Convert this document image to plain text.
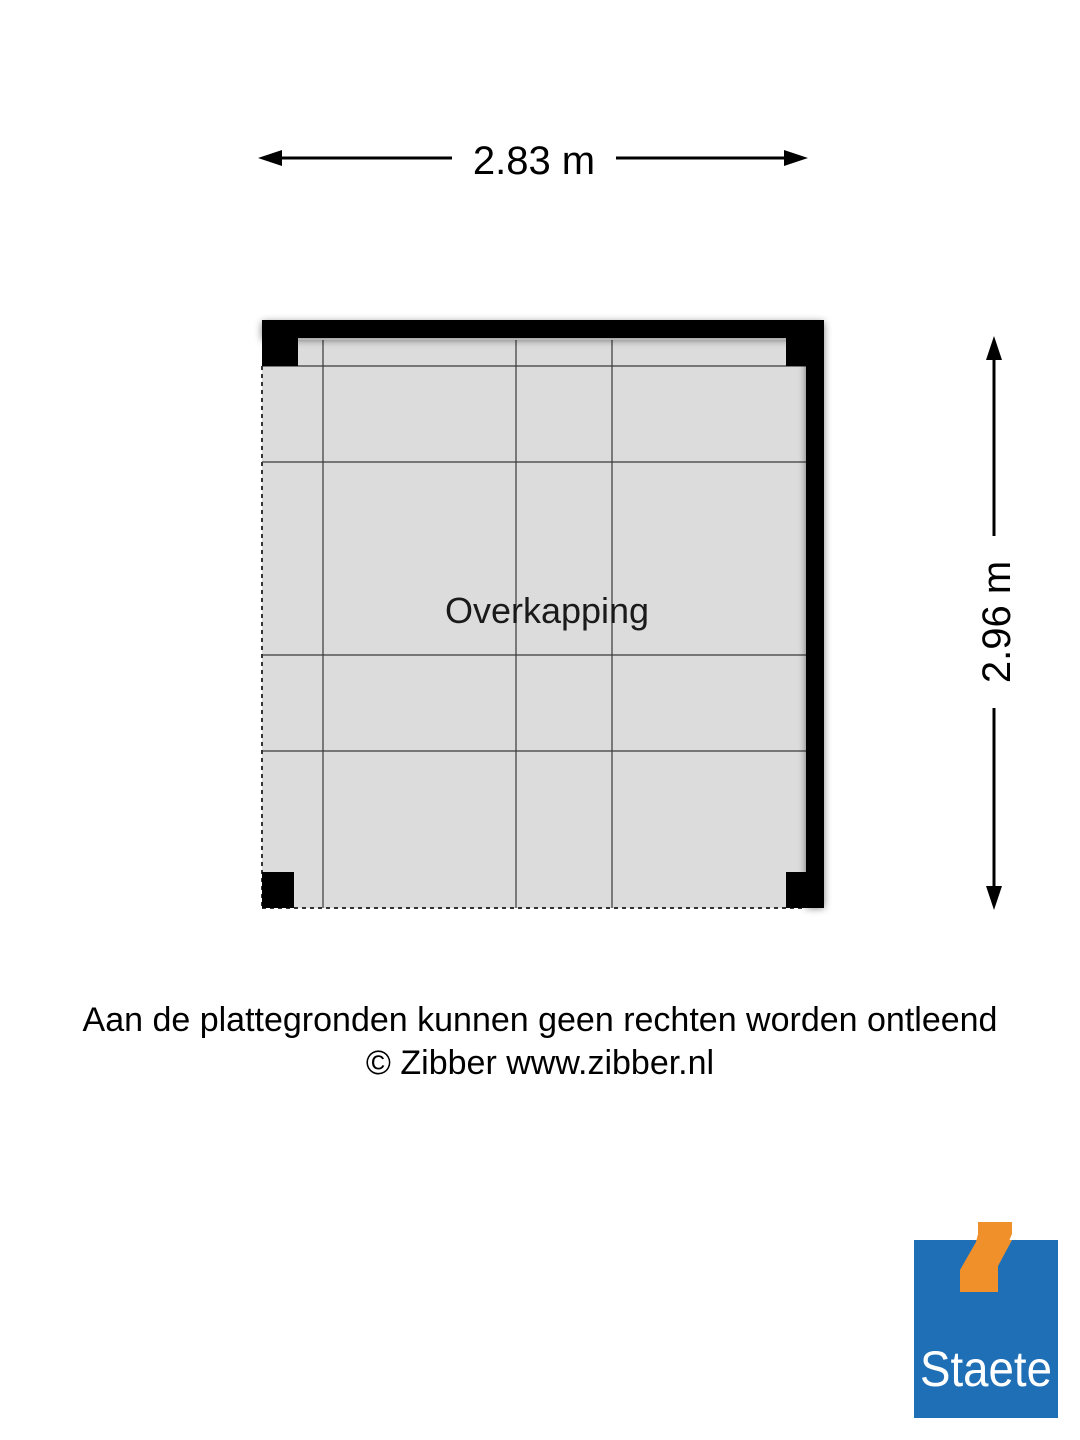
2.83 m
2.96 m
Overkapping
Aan de plattegronden kunnen geen rechten worden ontleend
© Zibber www.zibber.nl
Staete
